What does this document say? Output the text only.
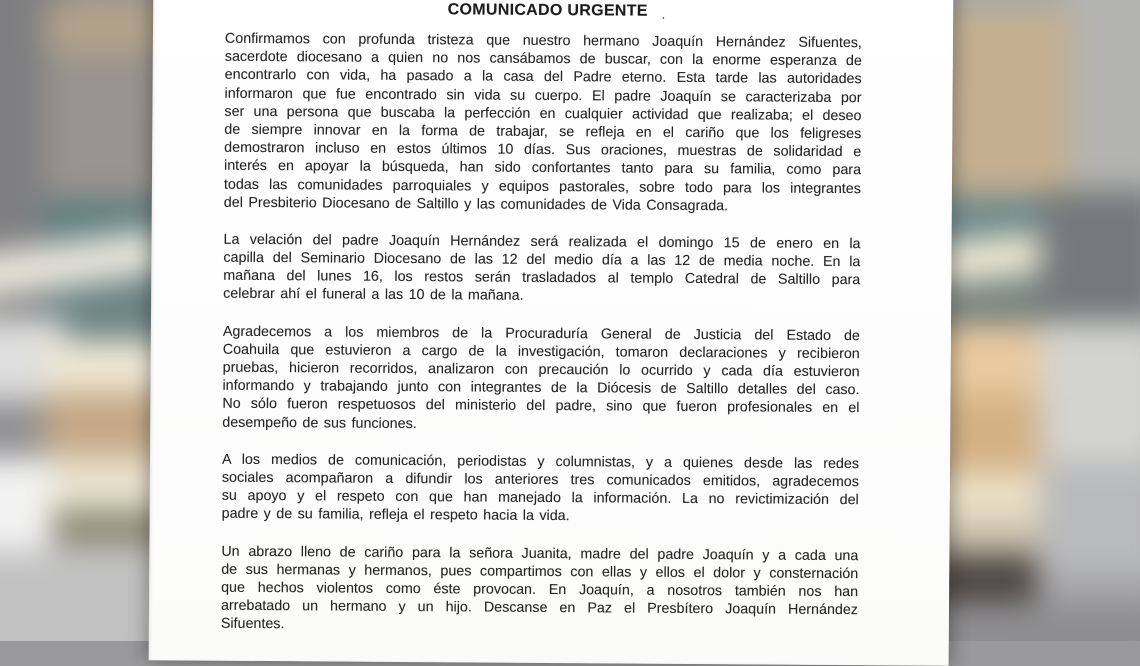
COMUNICADO URGENTE .
Confirmamos con profunda tristeza que nuestro hermano Joaquín Hernández Sifuentes,
sacerdote diocesano a quien no nos cansábamos de buscar, con la enorme esperanza de
encontrarlo con vida, ha pasado a la casa del Padre eterno. Esta tarde las autoridades
informaron que fue encontrado sin vida su cuerpo. El padre Joaquín se caracterizaba por
ser una persona que buscaba la perfección en cualquier actividad que realizaba; el deseo
de siempre innovar en la forma de trabajar, se refleja en el cariño que los feligreses
demostraron incluso en estos últimos 10 días. Sus oraciones, muestras de solidaridad e
interés en apoyar la búsqueda, han sido confortantes tanto para su familia, como para
todas las comunidades parroquiales y equipos pastorales, sobre todo para los integrantes
del Presbiterio Diocesano de Saltillo y las comunidades de Vida Consagrada.
La velación del padre Joaquín Hernández será realizada el domingo 15 de enero en la
capilla del Seminario Diocesano de las 12 del medio día a las 12 de media noche. En la
mañana del lunes 16, los restos serán trasladados al templo Catedral de Saltillo para
celebrar ahí el funeral a las 10 de la mañana.
Agradecemos a los miembros de la Procuraduría General de Justicia del Estado de
Coahuila que estuvieron a cargo de la investigación, tomaron declaraciones y recibieron
pruebas, hicieron recorridos, analizaron con precaución lo ocurrido y cada día estuvieron
informando y trabajando junto con integrantes de la Diócesis de Saltillo detalles del caso.
No sólo fueron respetuosos del ministerio del padre, sino que fueron profesionales en el
desempeño de sus funciones.
A los medios de comunicación, periodistas y columnistas, y a quienes desde las redes
sociales acompañaron a difundir los anteriores tres comunicados emitidos, agradecemos
su apoyo y el respeto con que han manejado la información. La no revictimización del
padre y de su familia, refleja el respeto hacia la vida.
Un abrazo lleno de cariño para la señora Juanita, madre del padre Joaquín y a cada una
de sus hermanas y hermanos, pues compartimos con ellas y ellos el dolor y consternación
que hechos violentos como éste provocan. En Joaquín, a nosotros también nos han
arrebatado un hermano y un hijo. Descanse en Paz el Presbítero Joaquín Hernández
Sifuentes.
